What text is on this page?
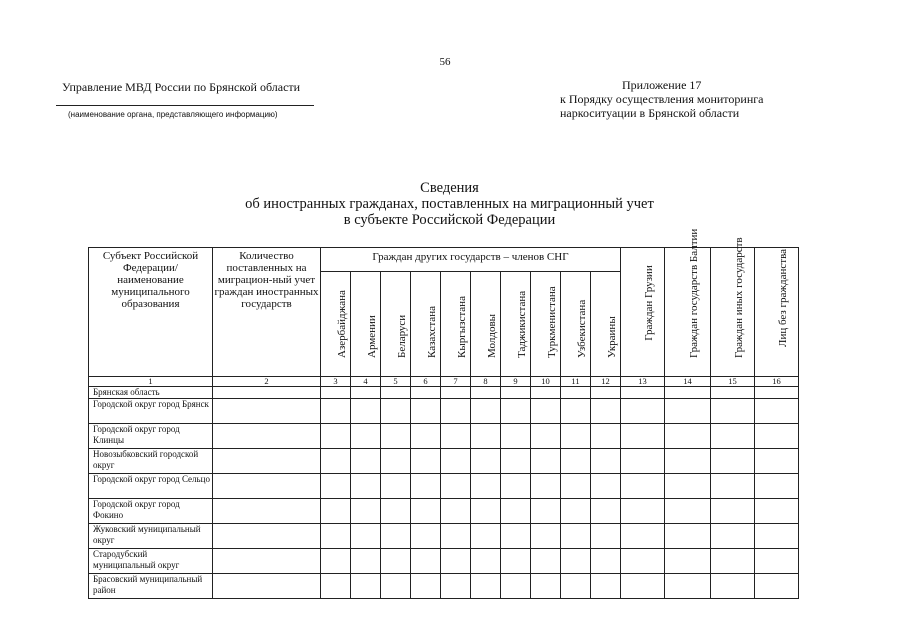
56
Управление МВД России по Брянской области
(наименование органа, представляющего информацию)
Приложение 17
к Порядку осуществления мониторинга
наркоситуации в Брянской области
Сведения
об иностранных гражданах, поставленных на миграционный учет
в субъекте Российской Федерации
Субъект Российской Федерации/ наименование муниципального образования	Количество поставленных на миграцион-ный учет граждан иностранных государств	Граждан других государств – членов СНГ										Граждан Грузии	Граждан государств Балтии	Граждан иных государств	Лиц без гражданства

		Азербайджана	Армении	Беларуси	Казахстана	Кыргызстана	Молдовы	Таджикистана	Туркменистана	Узбекистана	Украины				

1	2	3	4	5	6	7	8	9	10	11	12	13	14	15	16
Брянская область															
Городской округ город Брянск															
Городской округ город Клинцы															
Новозыбковский городской округ															
Городской округ город Сельцо															
Городской округ город Фокино															
Жуковский муниципальный округ															
Стародубский муниципальный округ															
Брасовский муниципальный район															
